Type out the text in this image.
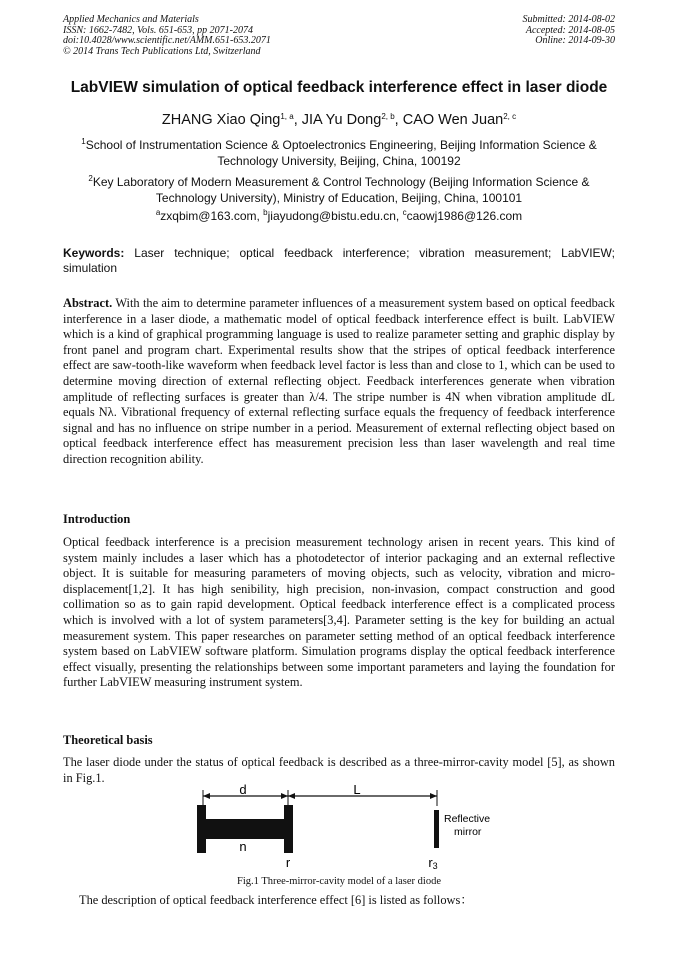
Applied Mechanics and Materials
ISSN: 1662-7482, Vols. 651-653, pp 2071-2074
doi:10.4028/www.scientific.net/AMM.651-653.2071
© 2014 Trans Tech Publications Ltd, Switzerland
Submitted: 2014-08-02
Accepted: 2014-08-05
Online: 2014-09-30
LabVIEW simulation of optical feedback interference effect in laser diode
ZHANG Xiao Qing$^{1, a}$, JIA Yu Dong$^{2, b}$, CAO Wen Juan$^{2, c}$
$^1$School of Instrumentation Science & Optoelectronics Engineering, Beijing Information Science & Technology University, Beijing, China, 100192
$^2$Key Laboratory of Modern Measurement & Control Technology (Beijing Information Science & Technology University), Ministry of Education, Beijing, China, 100101
$^a$zxqbim@163.com, $^b$jiayudong@bistu.edu.cn, $^c$caowj1986@126.com
Keywords: Laser technique; optical feedback interference; vibration measurement; LabVIEW; simulation
Abstract. With the aim to determine parameter influences of a measurement system based on optical feedback interference in a laser diode, a mathematic model of optical feedback interference effect is built. LabVIEW which is a kind of graphical programming language is used to realize parameter setting and graphic display by front panel and program chart. Experimental results show that the stripes of optical feedback interference effect are saw-tooth-like waveform when feedback level factor is less than and close to 1, which can be used to determine moving direction of external reflecting object. Feedback interferences generate when vibration amplitude of reflecting surfaces is greater than λ/4. The stripe number is 4N when vibration amplitude dL equals Nλ. Vibrational frequency of external reflecting surface equals the frequency of feedback interference signal and has no influence on stripe number in a period. Measurement of external reflecting object based on optical feedback interference effect has measurement precision less than laser wavelength and real time direction recognition ability.
Introduction
Optical feedback interference is a precision measurement technology arisen in recent years. This kind of system mainly includes a laser which has a photodetector of interior packaging and an external reflective object. It is suitable for measuring parameters of moving objects, such as velocity, vibration and micro-displacement[1,2]. It has high senibility, high precision, non-invasion, compact construction and good collimation so as to gain rapid development. Optical feedback interference effect is a complicated process which is involved with a lot of system parameters[3,4]. Parameter setting is the key for building an actual measurement system. This paper researches on parameter setting method of an optical feedback interference system based on LabVIEW software platform. Simulation programs display the optical feedback interference effect visually, presenting the relationships between some important parameters and laying the foundation for further LabVIEW measuring instrument system.
Theoretical basis
The laser diode under the status of optical feedback is described as a three-mirror-cavity model [5], as shown in Fig.1.
d	L
n
r	r3
Reflective
mirror
Fig.1 Three-mirror-cavity model of a laser diode
The description of optical feedback interference effect [6] is listed as follows：
